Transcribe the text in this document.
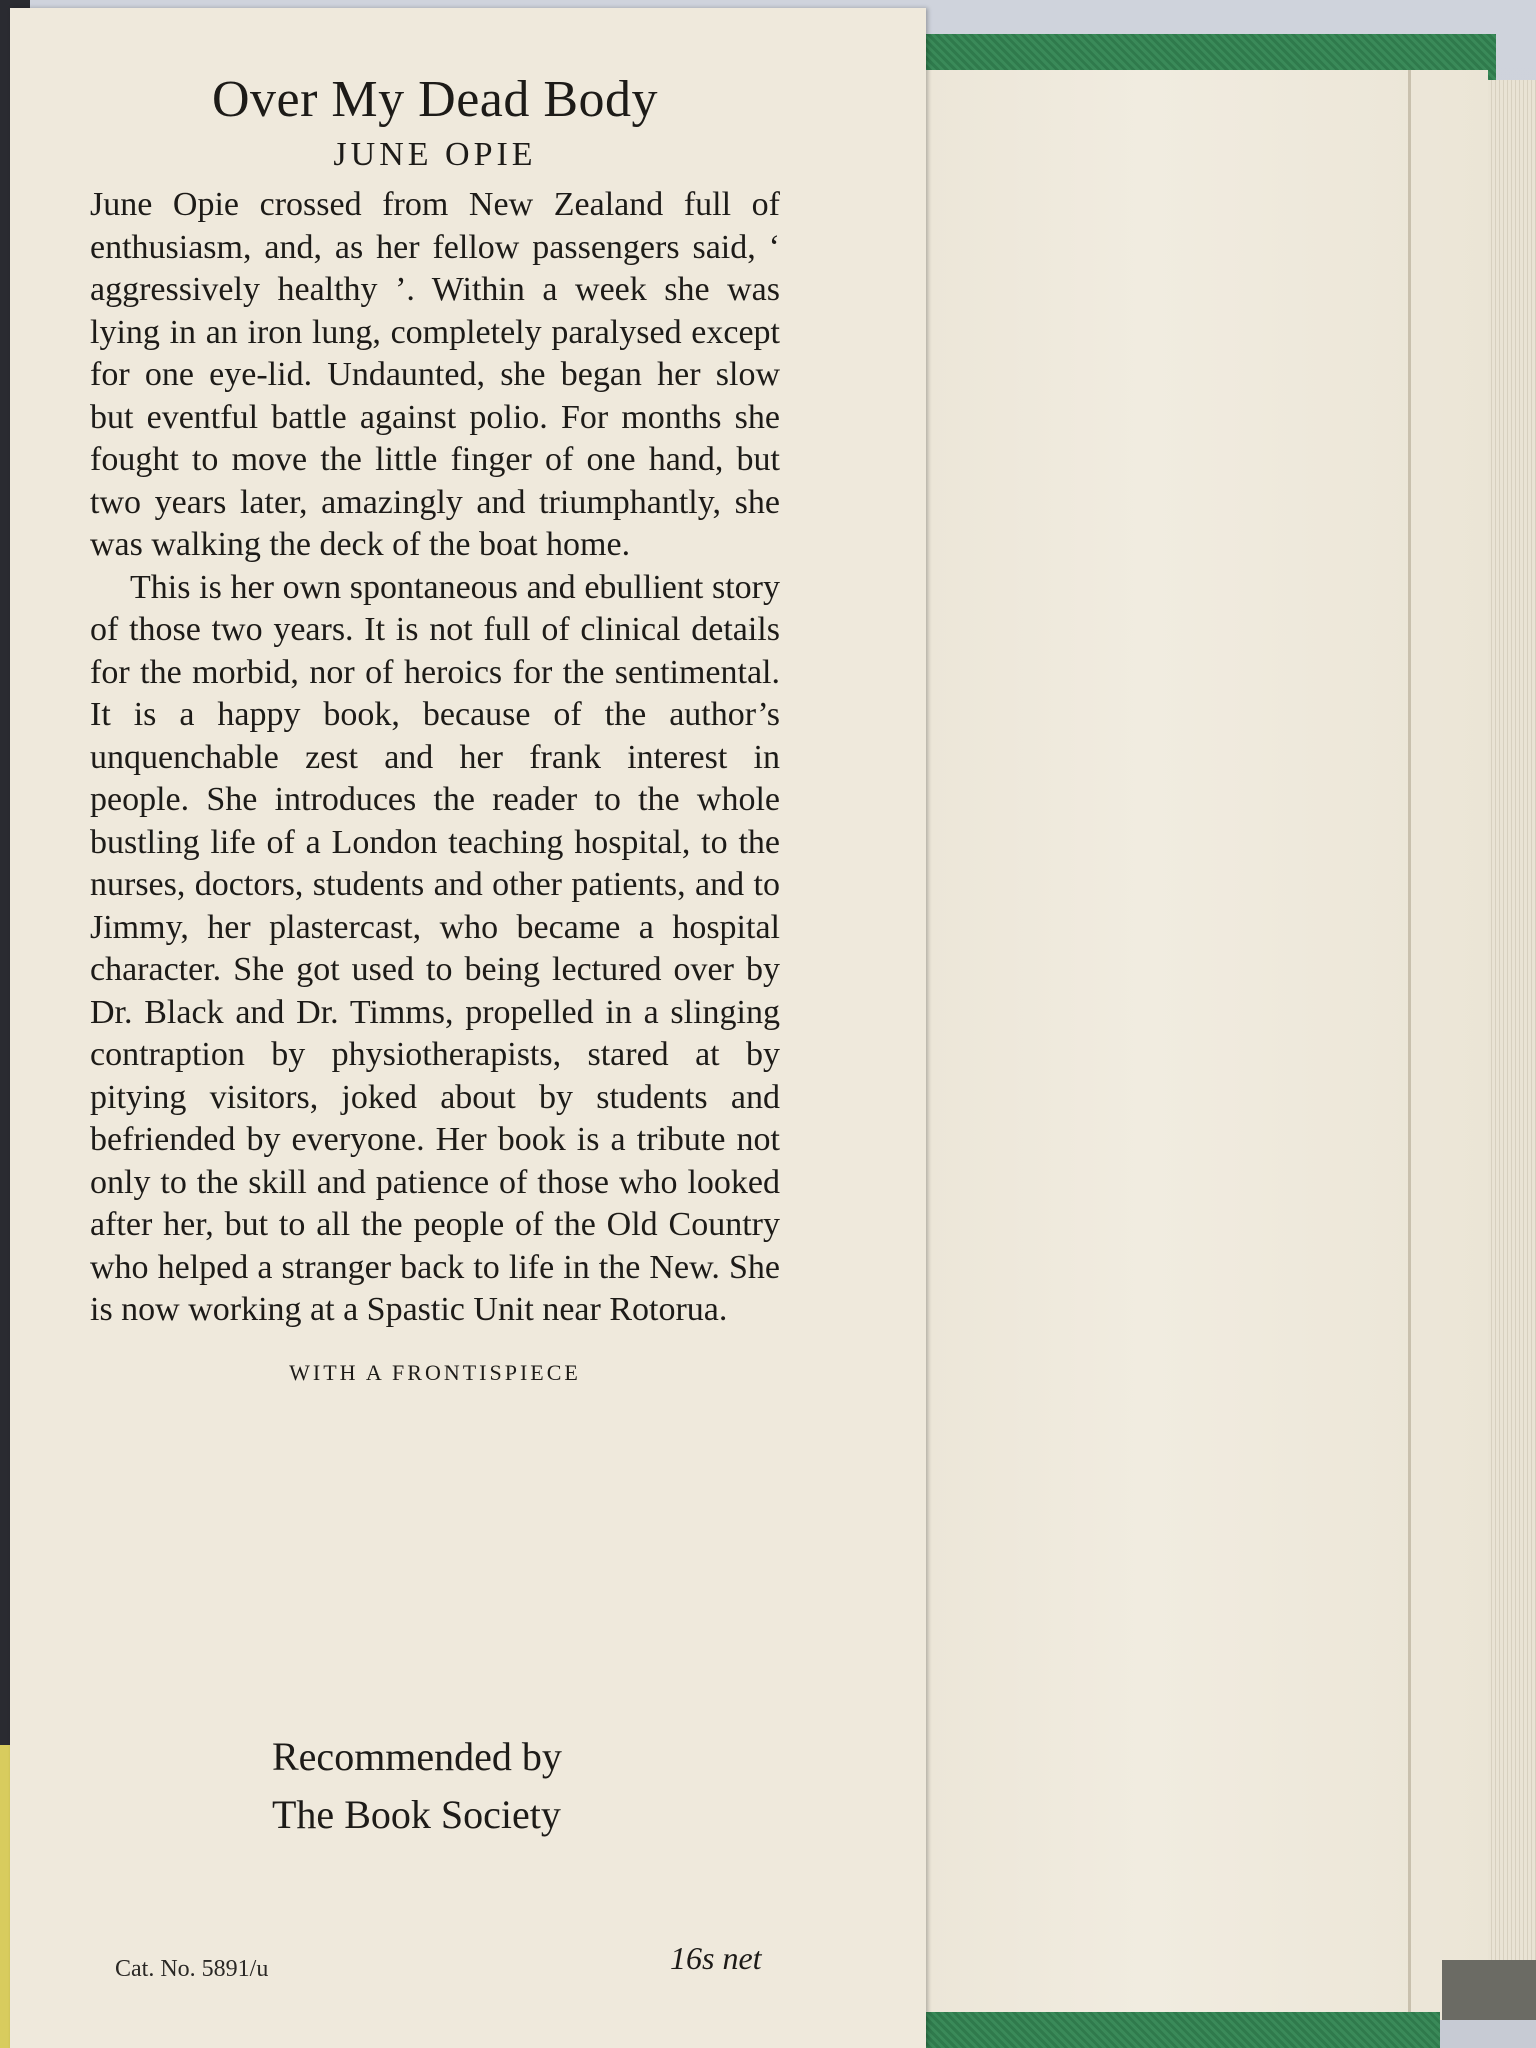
Over My Dead Body
JUNE OPIE

June Opie crossed from New Zealand full of enthusiasm, and, as her fellow passengers said, ‘ aggressively healthy ’. Within a week she was lying in an iron lung, completely paralysed except for one eye-lid. Undaunted, she began her slow but eventful battle against polio. For months she fought to move the little finger of one hand, but two years later, amazingly and triumphantly, she was walking the deck of the boat home.

This is her own spontaneous and ebullient story of those two years. It is not full of clinical details for the morbid, nor of heroics for the sentimental. It is a happy book, because of the author’s unquenchable zest and her frank interest in people. She introduces the reader to the whole bustling life of a London teaching hospital, to the nurses, doctors, students and other patients, and to Jimmy, her plastercast, who became a hospital character. She got used to being lectured over by Dr. Black and Dr. Timms, propelled in a slinging contraption by physiotherapists, stared at by pitying visitors, joked about by students and befriended by everyone. Her book is a tribute not only to the skill and patience of those who looked after her, but to all the people of the Old Country who helped a stranger back to life in the New. She is now working at a Spastic Unit near Rotorua.

WITH A FRONTISPIECE
Recommended by
The Book Society
Cat. No. 5891/u	16s net
